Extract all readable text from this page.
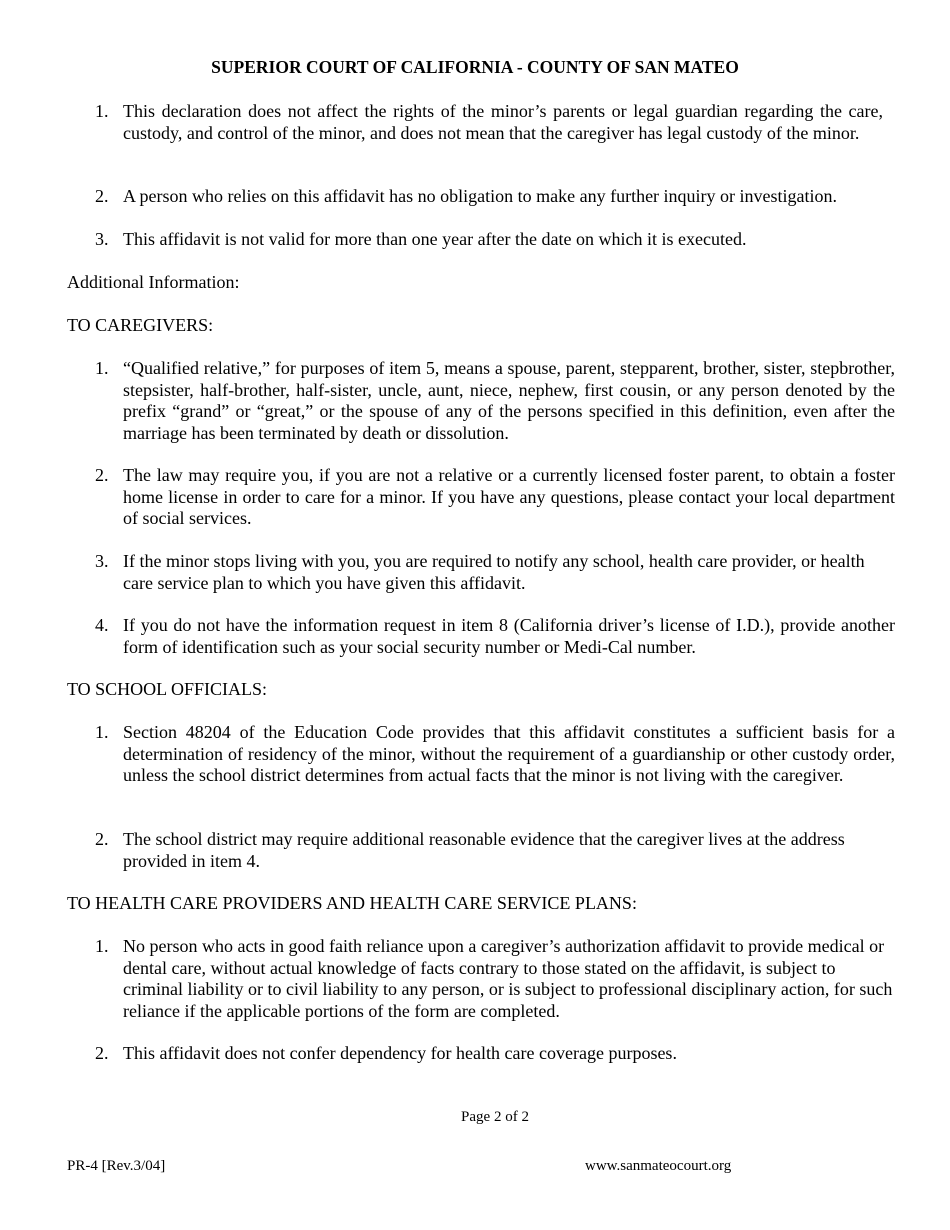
SUPERIOR COURT OF CALIFORNIA - COUNTY OF SAN MATEO
1. This declaration does not affect the rights of the minor’s parents or legal guardian regarding the care, custody, and control of the minor, and does not mean that the caregiver has legal custody of the minor.
2. A person who relies on this affidavit has no obligation to make any further inquiry or investigation.
3. This affidavit is not valid for more than one year after the date on which it is executed.
Additional Information:
TO CAREGIVERS:
1. “Qualified relative,” for purposes of item 5, means a spouse, parent, stepparent, brother, sister, stepbrother, stepsister, half-brother, half-sister, uncle, aunt, niece, nephew, first cousin, or any person denoted by the prefix “grand” or “great,” or the spouse of any of the persons specified in this definition, even after the marriage has been terminated by death or dissolution.
2. The law may require you, if you are not a relative or a currently licensed foster parent, to obtain a foster home license in order to care for a minor. If you have any questions, please contact your local department of social services.
3. If the minor stops living with you, you are required to notify any school, health care provider, or health care service plan to which you have given this affidavit.
4. If you do not have the information request in item 8 (California driver’s license of I.D.), provide another form of identification such as your social security number or Medi-Cal number.
TO SCHOOL OFFICIALS:
1. Section 48204 of the Education Code provides that this affidavit constitutes a sufficient basis for a determination of residency of the minor, without the requirement of a guardianship or other custody order, unless the school district determines from actual facts that the minor is not living with the caregiver.
2. The school district may require additional reasonable evidence that the caregiver lives at the address provided in item 4.
TO HEALTH CARE PROVIDERS AND HEALTH CARE SERVICE PLANS:
1. No person who acts in good faith reliance upon a caregiver’s authorization affidavit to provide medical or dental care, without actual knowledge of facts contrary to those stated on the affidavit, is subject to criminal liability or to civil liability to any person, or is subject to professional disciplinary action, for such reliance if the applicable portions of the form are completed.
2. This affidavit does not confer dependency for health care coverage purposes.
Page 2 of 2
PR-4 [Rev.3/04]	www.sanmateocourt.org
